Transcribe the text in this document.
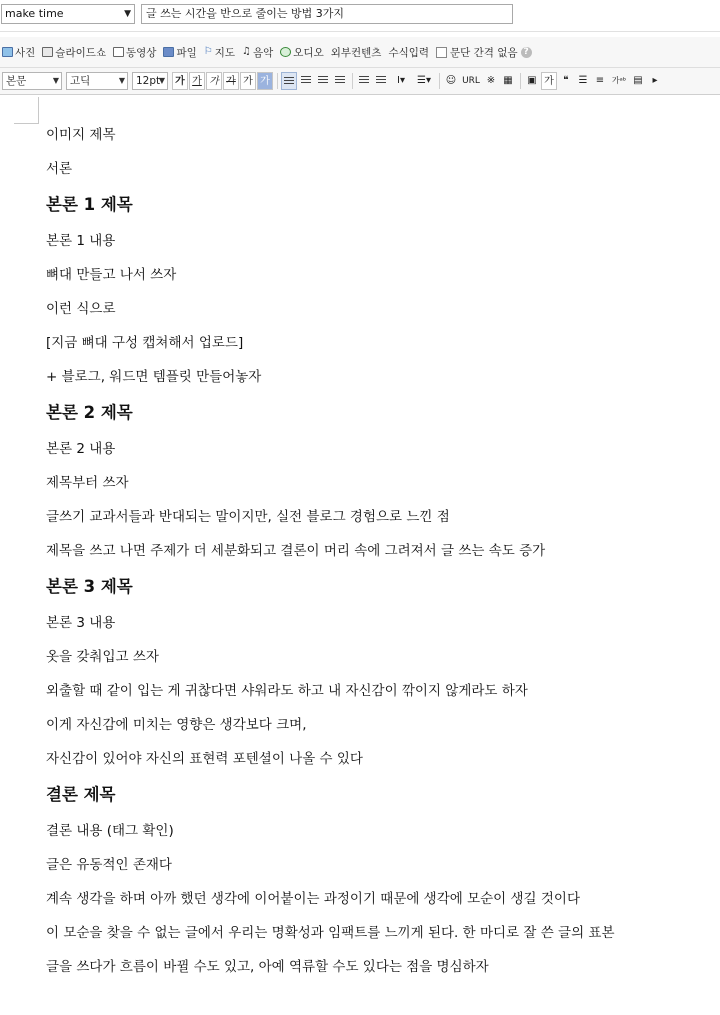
make time	▼	글 쓰는 시간을 반으로 줄이는 방법 3가지
사진 슬라이드쇼 동영상 파일 ⚐ 지도 ♫ 음악 오디오 외부컨텐츠 수식입력 문단 간격 없음 ?
본문	▼	고딕	▼	12pt
▼	가 가 가 가 가 가	Ⅰ▾	☰▾	☺ URL ※ ▦	▣ 가 ❝ ☰ ≡ 가ᵃᵇ ▤ ▸

이미지 제목

서론

본론 1 제목

본론 1 내용

뼈대 만들고 나서 쓰자

이런 식으로

[지금 뼈대 구성 캡쳐해서 업로드]

+ 블로그, 워드면 템플릿 만들어놓자

본론 2 제목

본론 2 내용

제목부터 쓰자

글쓰기 교과서들과 반대되는 말이지만, 실전 블로그 경험으로 느낀 점

제목을 쓰고 나면 주제가 더 세분화되고 결론이 머리 속에 그려져서 글 쓰는 속도 증가

본론 3 제목

본론 3 내용

옷을 갖춰입고 쓰자

외출할 때 같이 입는 게 귀찮다면 샤워라도 하고 내 자신감이 깎이지 않게라도 하자

이게 자신감에 미치는 영향은 생각보다 크며,

자신감이 있어야 자신의 표현력 포텐셜이 나올 수 있다

결론 제목

결론 내용 (태그 확인)

글은 유동적인 존재다

계속 생각을 하며 아까 했던 생각에 이어붙이는 과정이기 때문에 생각에 모순이 생길 것이다

이 모순을 찾을 수 없는 글에서 우리는 명확성과 임팩트를 느끼게 된다. 한 마디로 잘 쓴 글의 표본

글을 쓰다가 흐름이 바뀔 수도 있고, 아예 역류할 수도 있다는 점을 명심하자
